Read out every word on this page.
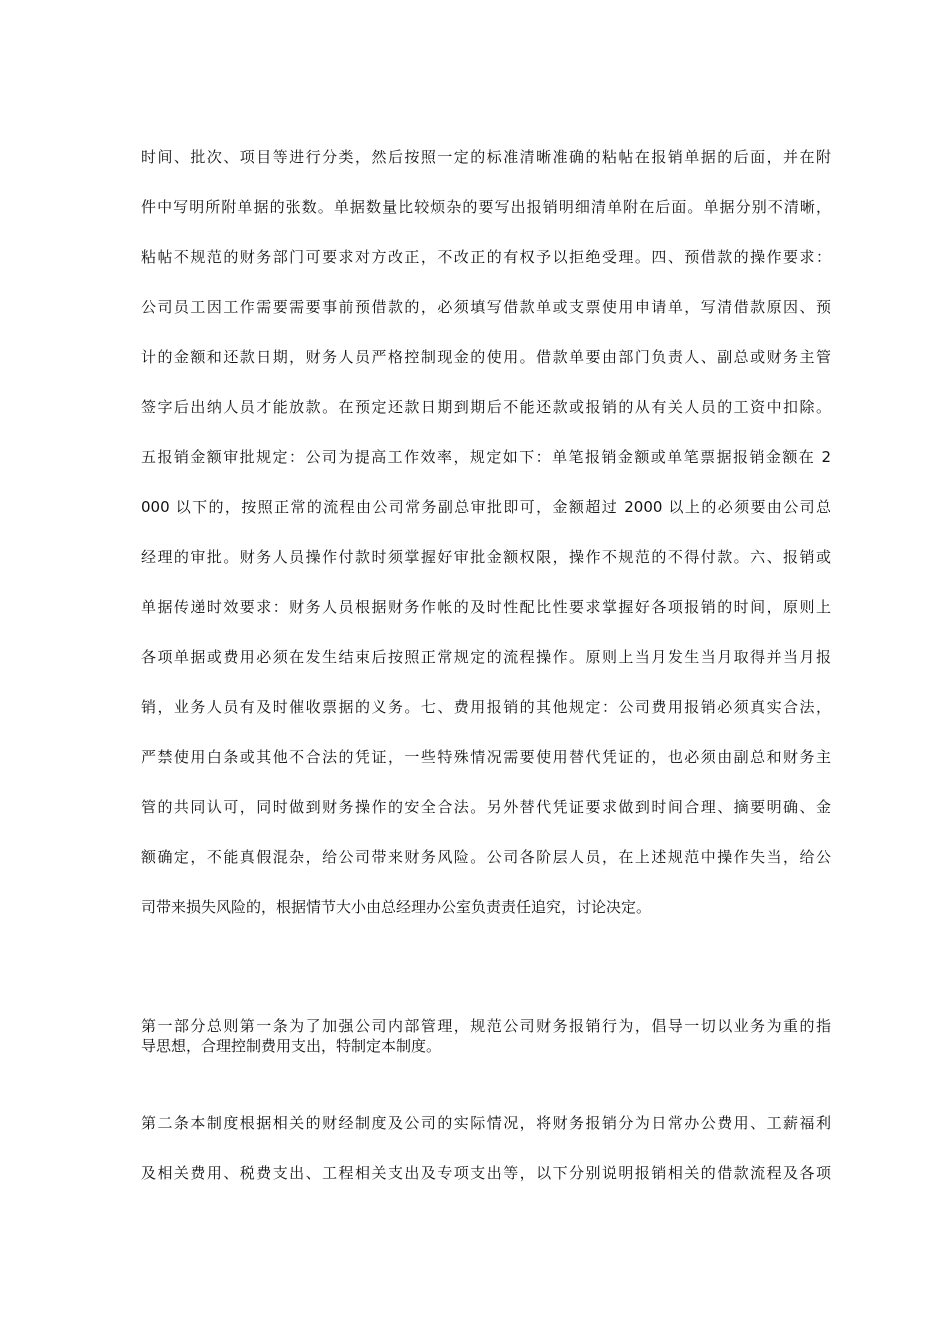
时间、批次、项目等进行分类，然后按照一定的标准清晰准确的粘帖在报销单据的后面，并在附
件中写明所附单据的张数。单据数量比较烦杂的要写出报销明细清单附在后面。单据分别不清晰，
粘帖不规范的财务部门可要求对方改正，不改正的有权予以拒绝受理。四、预借款的操作要求：
公司员工因工作需要需要事前预借款的，必须填写借款单或支票使用申请单，写清借款原因、预
计的金额和还款日期，财务人员严格控制现金的使用。借款单要由部门负责人、副总或财务主管
签字后出纳人员才能放款。在预定还款日期到期后不能还款或报销的从有关人员的工资中扣除。
五报销金额审批规定：公司为提高工作效率，规定如下：单笔报销金额或单笔票据报销金额在 2
000 以下的，按照正常的流程由公司常务副总审批即可，金额超过 2000 以上的必须要由公司总
经理的审批。财务人员操作付款时须掌握好审批金额权限，操作不规范的不得付款。六、报销或
单据传递时效要求：财务人员根据财务作帐的及时性配比性要求掌握好各项报销的时间，原则上
各项单据或费用必须在发生结束后按照正常规定的流程操作。原则上当月发生当月取得并当月报
销，业务人员有及时催收票据的义务。七、费用报销的其他规定：公司费用报销必须真实合法，
严禁使用白条或其他不合法的凭证，一些特殊情况需要使用替代凭证的，也必须由副总和财务主
管的共同认可，同时做到财务操作的安全合法。另外替代凭证要求做到时间合理、摘要明确、金
额确定，不能真假混杂，给公司带来财务风险。公司各阶层人员，在上述规范中操作失当，给公
司带来损失风险的，根据情节大小由总经理办公室负责责任追究，讨论决定。
第一部分总则第一条为了加强公司内部管理，规范公司财务报销行为，倡导一切以业务为重的指
导思想，合理控制费用支出，特制定本制度。
第二条本制度根据相关的财经制度及公司的实际情况，将财务报销分为日常办公费用、工薪福利
及相关费用、税费支出、工程相关支出及专项支出等，以下分别说明报销相关的借款流程及各项
